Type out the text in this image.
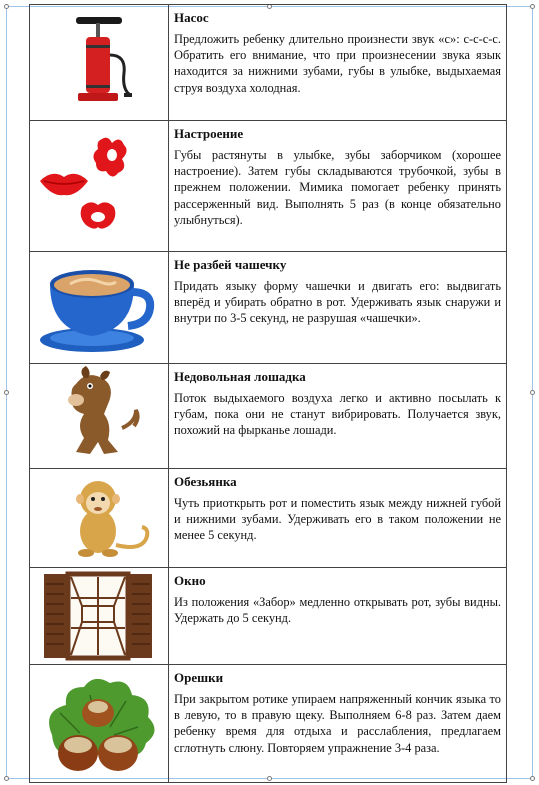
Насос

Предложить ребенку длительно произнести звук «с»: с-с-с-с. Обратить его внимание, что при произнесении звука язык находится за нижними зубами, губы в улыбке, выдыхаемая струя воздуха холодная.

Настроение

Губы растянуты в улыбке, зубы заборчиком (хорошее настроение). Затем губы складываются трубочкой, зубы в прежнем положении. Мимика помогает ребенку принять рассерженный вид. Выполнять 5 раз (в конце обязательно улыбнуться).

Не разбей чашечку

Придать языку форму чашечки и двигать его: выдвигать вперёд и убирать обратно в рот. Удерживать язык снаружи и внутри по 3-5 секунд, не разрушая «чашечки».

Недовольная лошадка

Поток выдыхаемого воздуха легко и активно посылать к губам, пока они не станут вибрировать. Получается звук, похожий на фырканье лошади.

Обезьянка

Чуть приоткрыть рот и поместить язык между нижней губой и нижними зубами. Удерживать его в таком положении не менее 5 секунд.

Окно

Из положения «Забор» медленно открывать рот, зубы видны. Удержать до 5 секунд.

Орешки

При закрытом ротике упираем напряженный кончик языка то в левую, то в правую щеку. Выполняем 6-8 раз. Затем даем ребенку время для отдыха и расслабления, предлагаем сглотнуть слюну. Повторяем упражнение 3-4 раза.
